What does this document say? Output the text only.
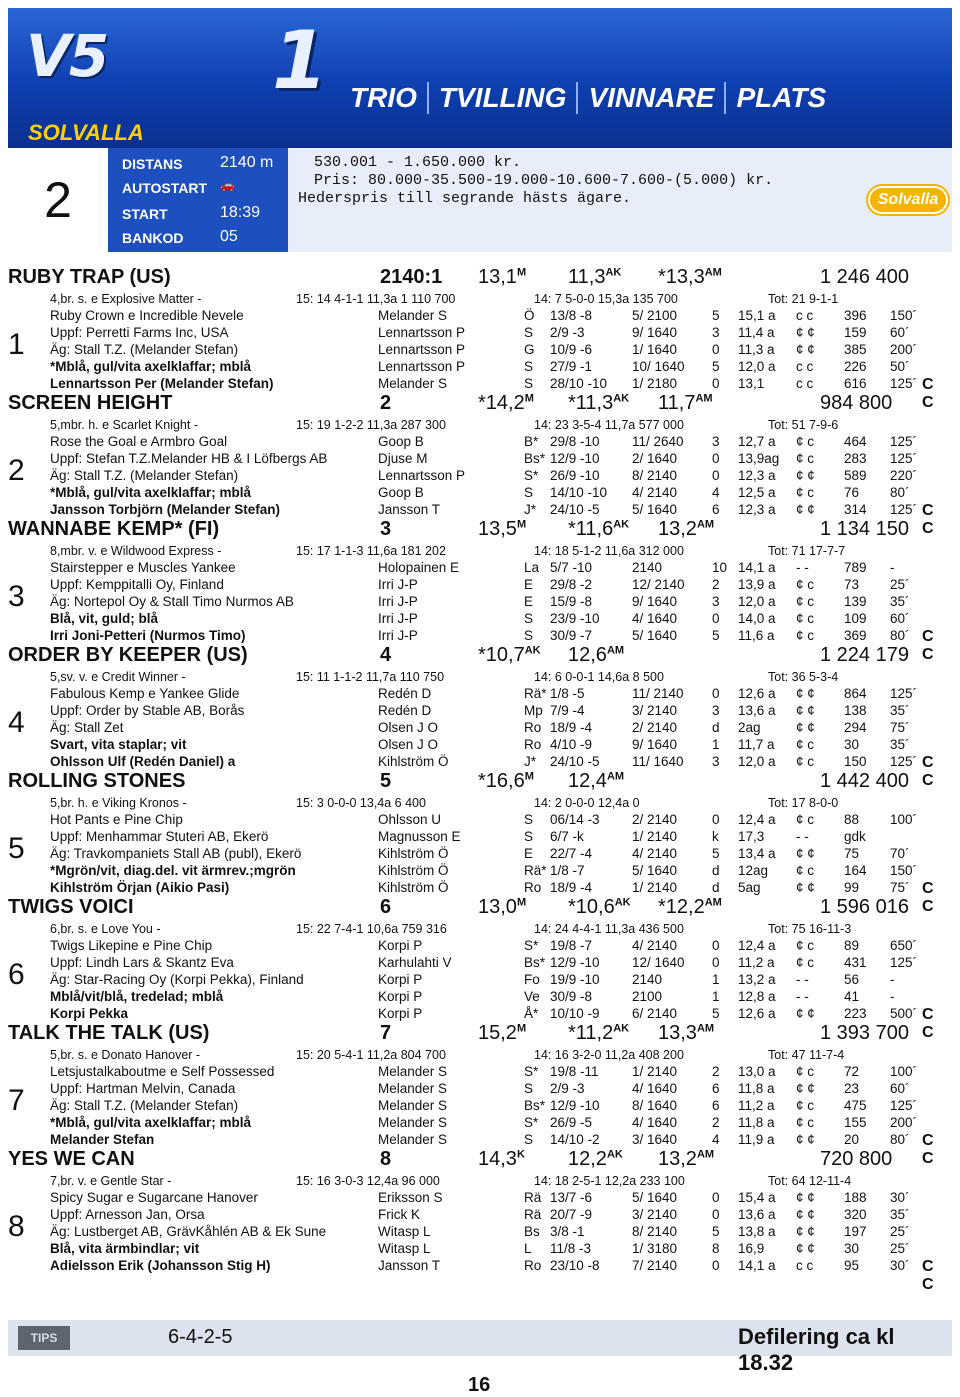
V5 1 TRIO TVILLING VINNARE PLATS
SOLVALLA
2
DISTANS 2140 m
AUTOSTART 🚗
START	18:39
BANKOD 05
530.001 - 1.650.000 kr.
Pris: 80.000-35.500-19.000-10.600-7.600-(5.000) kr.
Hederspris till segrande hästs ägare.	Solvalla
RUBY TRAP (US)	2140:1 $13,1^M$ $11,3^{AK}$ $*13,3^{AM}$	1 246 400
4,br. s. e Explosive Matter -	15: 14 4-1-1 11,3a 1 110 700	14: 7 5-0-0 15,3a 135 700	Tot: 21 9-1-1
1
Ruby Crown e Incredible Nevele
Uppf: Perretti Farms Inc, USA
Äg: Stall T.Z. (Melander Stefan)
*Mblå, gul/vita axelklaffar; mblå
Lennartsson Per (Melander Stefan)
Melander S	Ö 13/8 -8	5/ 2100	5 15,1 a c c 396 150´
Lennartsson P	S 2/9 -3	9/ 1640	3 11,4 a ¢ ¢ 159 60´
Lennartsson P	G 10/9 -6	1/ 1640	0 11,3 a ¢ ¢ 385 200´
Lennartsson P	S 27/9 -1	10/ 1640 5 12,0 a c c 226 50´
Melander S	S 28/10 -10 1/ 2180	0 13,1 c c 616 125´ C C
SCREEN HEIGHT	2	$*14,2^M$ $*11,3^{AK}$ $11,7^{AM}$	984 800
5,mbr. h. e Scarlet Knight -	15: 19 1-2-2 11,3a 287 300	14: 23 3-5-4 11,7a 577 000	Tot: 51 7-9-6
2
Rose the Goal e Armbro Goal
Uppf: Stefan T.Z.Melander HB & I Löfbergs AB
Äg: Stall T.Z. (Melander Stefan)
*Mblå, gul/vita axelklaffar; mblå
Jansson Torbjörn (Melander Stefan)
Goop B	B* 29/8 -10 11/ 2640 3 12,7 a ¢ c 464 125´
Djuse M	Bs* 12/9 -10 2/ 1640	0 13,9ag ¢ c 283 125´
Lennartsson P	S* 26/9 -10 8/ 2140	0 12,3 a ¢ ¢ 589 220´
Goop B	S 14/10 -10 4/ 2140	4 12,5 a ¢ c 76 80´
Jansson T	J* 24/10 -5 5/ 1640	6 12,3 a ¢ ¢ 314 125´ C C
WANNABE KEMP* (FI)	3	$13,5^M$ $*11,6^{AK}$ $13,2^{AM}$	1 134 150
8,mbr. v. e Wildwood Express -	15: 17 1-1-3 11,6a 181 202	14: 18 5-1-2 11,6a 312 000	Tot: 71 17-7-7
3
Stairstepper e Muscles Yankee
Uppf: Kemppitalli Oy, Finland
Äg: Nortepol Oy & Stall Timo Nurmos AB
Blå, vit, guld; blå
Irri Joni-Petteri (Nurmos Timo)
Holopainen E	La 5/7 -10	2140	10 14,1 a - -	789 -
Irri J-P	E 29/8 -2	12/ 2140 2 13,9 a ¢ c 73 25´
Irri J-P	E 15/9 -8	9/ 1640	3 12,0 a ¢ c 139 35´
Irri J-P	S 23/9 -10 4/ 1640	0 14,0 a ¢ c 109 60´
Irri J-P	S 30/9 -7	5/ 1640	5 11,6 a ¢ c 369 80´ C C
ORDER BY KEEPER (US)	4	$*10,7^{AK}$ $12,6^{AM}$	1 224 179
5,sv. v. e Credit Winner -	15: 11 1-1-2 11,7a 110 750	14: 6 0-0-1 14,6a 8 500	Tot: 36 5-3-4
4
Fabulous Kemp e Yankee Glide
Uppf: Order by Stable AB, Borås
Äg: Stall Zet
Svart, vita staplar; vit
Ohlsson Ulf (Redén Daniel) a
Redén D	Rä* 1/8 -5	11/ 2140 0 12,6 a ¢ ¢ 864 125´
Redén D	Mp 7/9 -4	3/ 2140	3 13,6 a ¢ ¢ 138 35´
Olsen J O	Ro 18/9 -4	2/ 2140	d 2ag	¢ ¢ 294 75´
Olsen J O	Ro 4/10 -9	9/ 1640	1 11,7 a ¢ c 30 35´
Kihlström Ö	J* 24/10 -5 11/ 1640 3 12,0 a ¢ c 150 125´ C C
ROLLING STONES	5	$*16,6^M$ $12,4^{AM}$	1 442 400
5,br. h. e Viking Kronos -	15: 3 0-0-0 13,4a 6 400	14: 2 0-0-0 12,4a 0	Tot: 17 8-0-0
5
Hot Pants e Pine Chip
Uppf: Menhammar Stuteri AB, Ekerö
Äg: Travkompaniets Stall AB (publ), Ekerö
*Mgrön/vit, diag.del. vit ärmrev.;mgrön
Kihlström Örjan (Aikio Pasi)
Ohlsson U	S 06/14 -3 2/ 2140	0 12,4 a ¢ c 88 100´
Magnusson E	S 6/7 -k	1/ 2140	k 17,3 - -	gdk
Kihlström Ö	E 22/7 -4	4/ 2140	5 13,4 a ¢ ¢ 75 70´
Kihlström Ö	Rä* 1/8 -7	5/ 1640	d 12ag ¢ c 164 150´
Kihlström Ö	Ro 18/9 -4	1/ 2140	d 5ag	¢ ¢ 99 75´ C C
TWIGS VOICI	6	$13,0^M$ $*10,6^{AK}$ $*12,2^{AM}$	1 596 016
6,br. s. e Love You -	15: 22 7-4-1 10,6a 759 316	14: 24 4-4-1 11,3a 436 500	Tot: 75 16-11-3
6
Twigs Likepine e Pine Chip
Uppf: Lindh Lars & Skantz Eva
Äg: Star-Racing Oy (Korpi Pekka), Finland
Mblå/vit/blå, tredelad; mblå
Korpi Pekka
Korpi P	S* 19/8 -7	4/ 2140	0 12,4 a ¢ c 89 650´
Karhulahti V	Bs* 12/9 -10 12/ 1640 0 11,2 a ¢ c 431 125´
Korpi P	Fo 19/9 -10 2140	1 13,2 a - -	56 -
Korpi P	Ve 30/9 -8	2100	1 12,8 a - -	41 -
Korpi P	Å* 10/10 -9 6/ 2140	5 12,6 a ¢ ¢ 223 500´ C C
TALK THE TALK (US)	7	$15,2^M$ $*11,2^{AK}$ $13,3^{AM}$	1 393 700
5,br. s. e Donato Hanover -	15: 20 5-4-1 11,2a 804 700	14: 16 3-2-0 11,2a 408 200	Tot: 47 11-7-4
7
Letsjustalkaboutme e Self Possessed
Uppf: Hartman Melvin, Canada
Äg: Stall T.Z. (Melander Stefan)
*Mblå, gul/vita axelklaffar; mblå
Melander Stefan
Melander S	S* 19/8 -11 1/ 2140	2 13,0 a ¢ c 72 100´
Melander S	S 2/9 -3	4/ 1640	6 11,8 a ¢ ¢ 23 60´
Melander S	Bs* 12/9 -10 8/ 1640	6 11,2 a ¢ c 475 125´
Melander S	S* 26/9 -5	4/ 1640	2 11,8 a ¢ c 155 200´
Melander S	S 14/10 -2 3/ 1640	4 11,9 a ¢ ¢ 20 80´ C C
YES WE CAN	8	$14,3^K$ $12,2^{AK}$ $13,2^{AM}$	720 800
7,br. v. e Gentle Star -	15: 16 3-0-3 12,4a 96 000	14: 18 2-5-1 12,2a 233 100	Tot: 64 12-11-4
8
Spicy Sugar e Sugarcane Hanover
Uppf: Arnesson Jan, Orsa
Äg: Lustberget AB, GrävKåhlén AB & Ek Sune
Blå, vita ärmbindlar; vit
Adielsson Erik (Johansson Stig H)
Eriksson S	Rä 13/7 -6	5/ 1640	0 15,4 a ¢ ¢ 188 30´
Frick K	Rä 20/7 -9	3/ 2140	0 13,6 a ¢ ¢ 320 35´
Witasp L	Bs 3/8 -1	8/ 2140	5 13,8 a ¢ ¢ 197 25´
Witasp L	L 11/8 -3	1/ 3180	8 16,9 ¢ ¢ 30 25´
Jansson T	Ro 23/10 -8 7/ 2140	0 14,1 a c c 95 30´ C C
TIPS	6-4-2-5	Defilering ca kl 18.32
16
